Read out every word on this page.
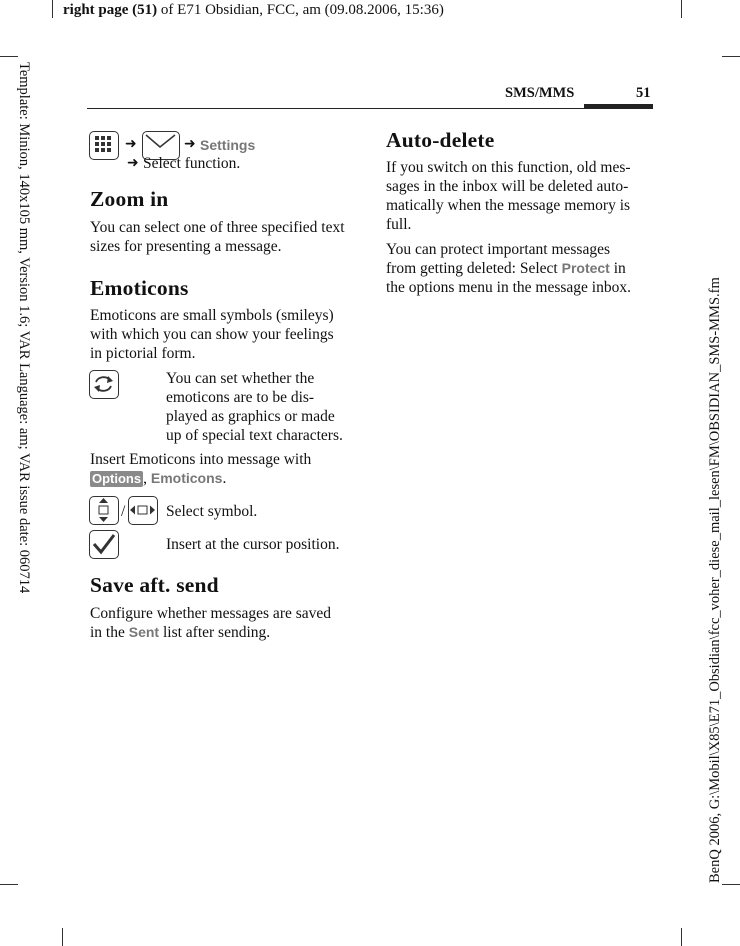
right page (51) of E71 Obsidian, FCC, am (09.08.2006, 15:36)
SMS/MMS	51
Template: Minion, 140x105 mm, Version 1.6; VAR Language: am; VAR issue date: 060714	BenQ 2006, G:\Mobil\X85\E71_Obsidian\fcc_voher_diese_mail_lesen\FM\OBSIDIAN_SMS-MMS.fm
➜	➜ Settings
➜ Select function.
Zoom in
You can select one of three specified text
sizes for presenting a message.
Emoticons
Emoticons are small symbols (smileys)
with which you can show your feelings
in pictorial form.
You can set whether the
emoticons are to be dis-
played as graphics or made
up of special text characters.
Insert Emoticons into message with
Options , Emoticons.
/	Select symbol.
Insert at the cursor position.
Save aft. send
Configure whether messages are saved
in the Sent list after sending.
Auto-delete
If you switch on this function, old mes-
sages in the inbox will be deleted auto-
matically when the message memory is
full.
You can protect important messages
from getting deleted: Select Protect in
the options menu in the message inbox.
